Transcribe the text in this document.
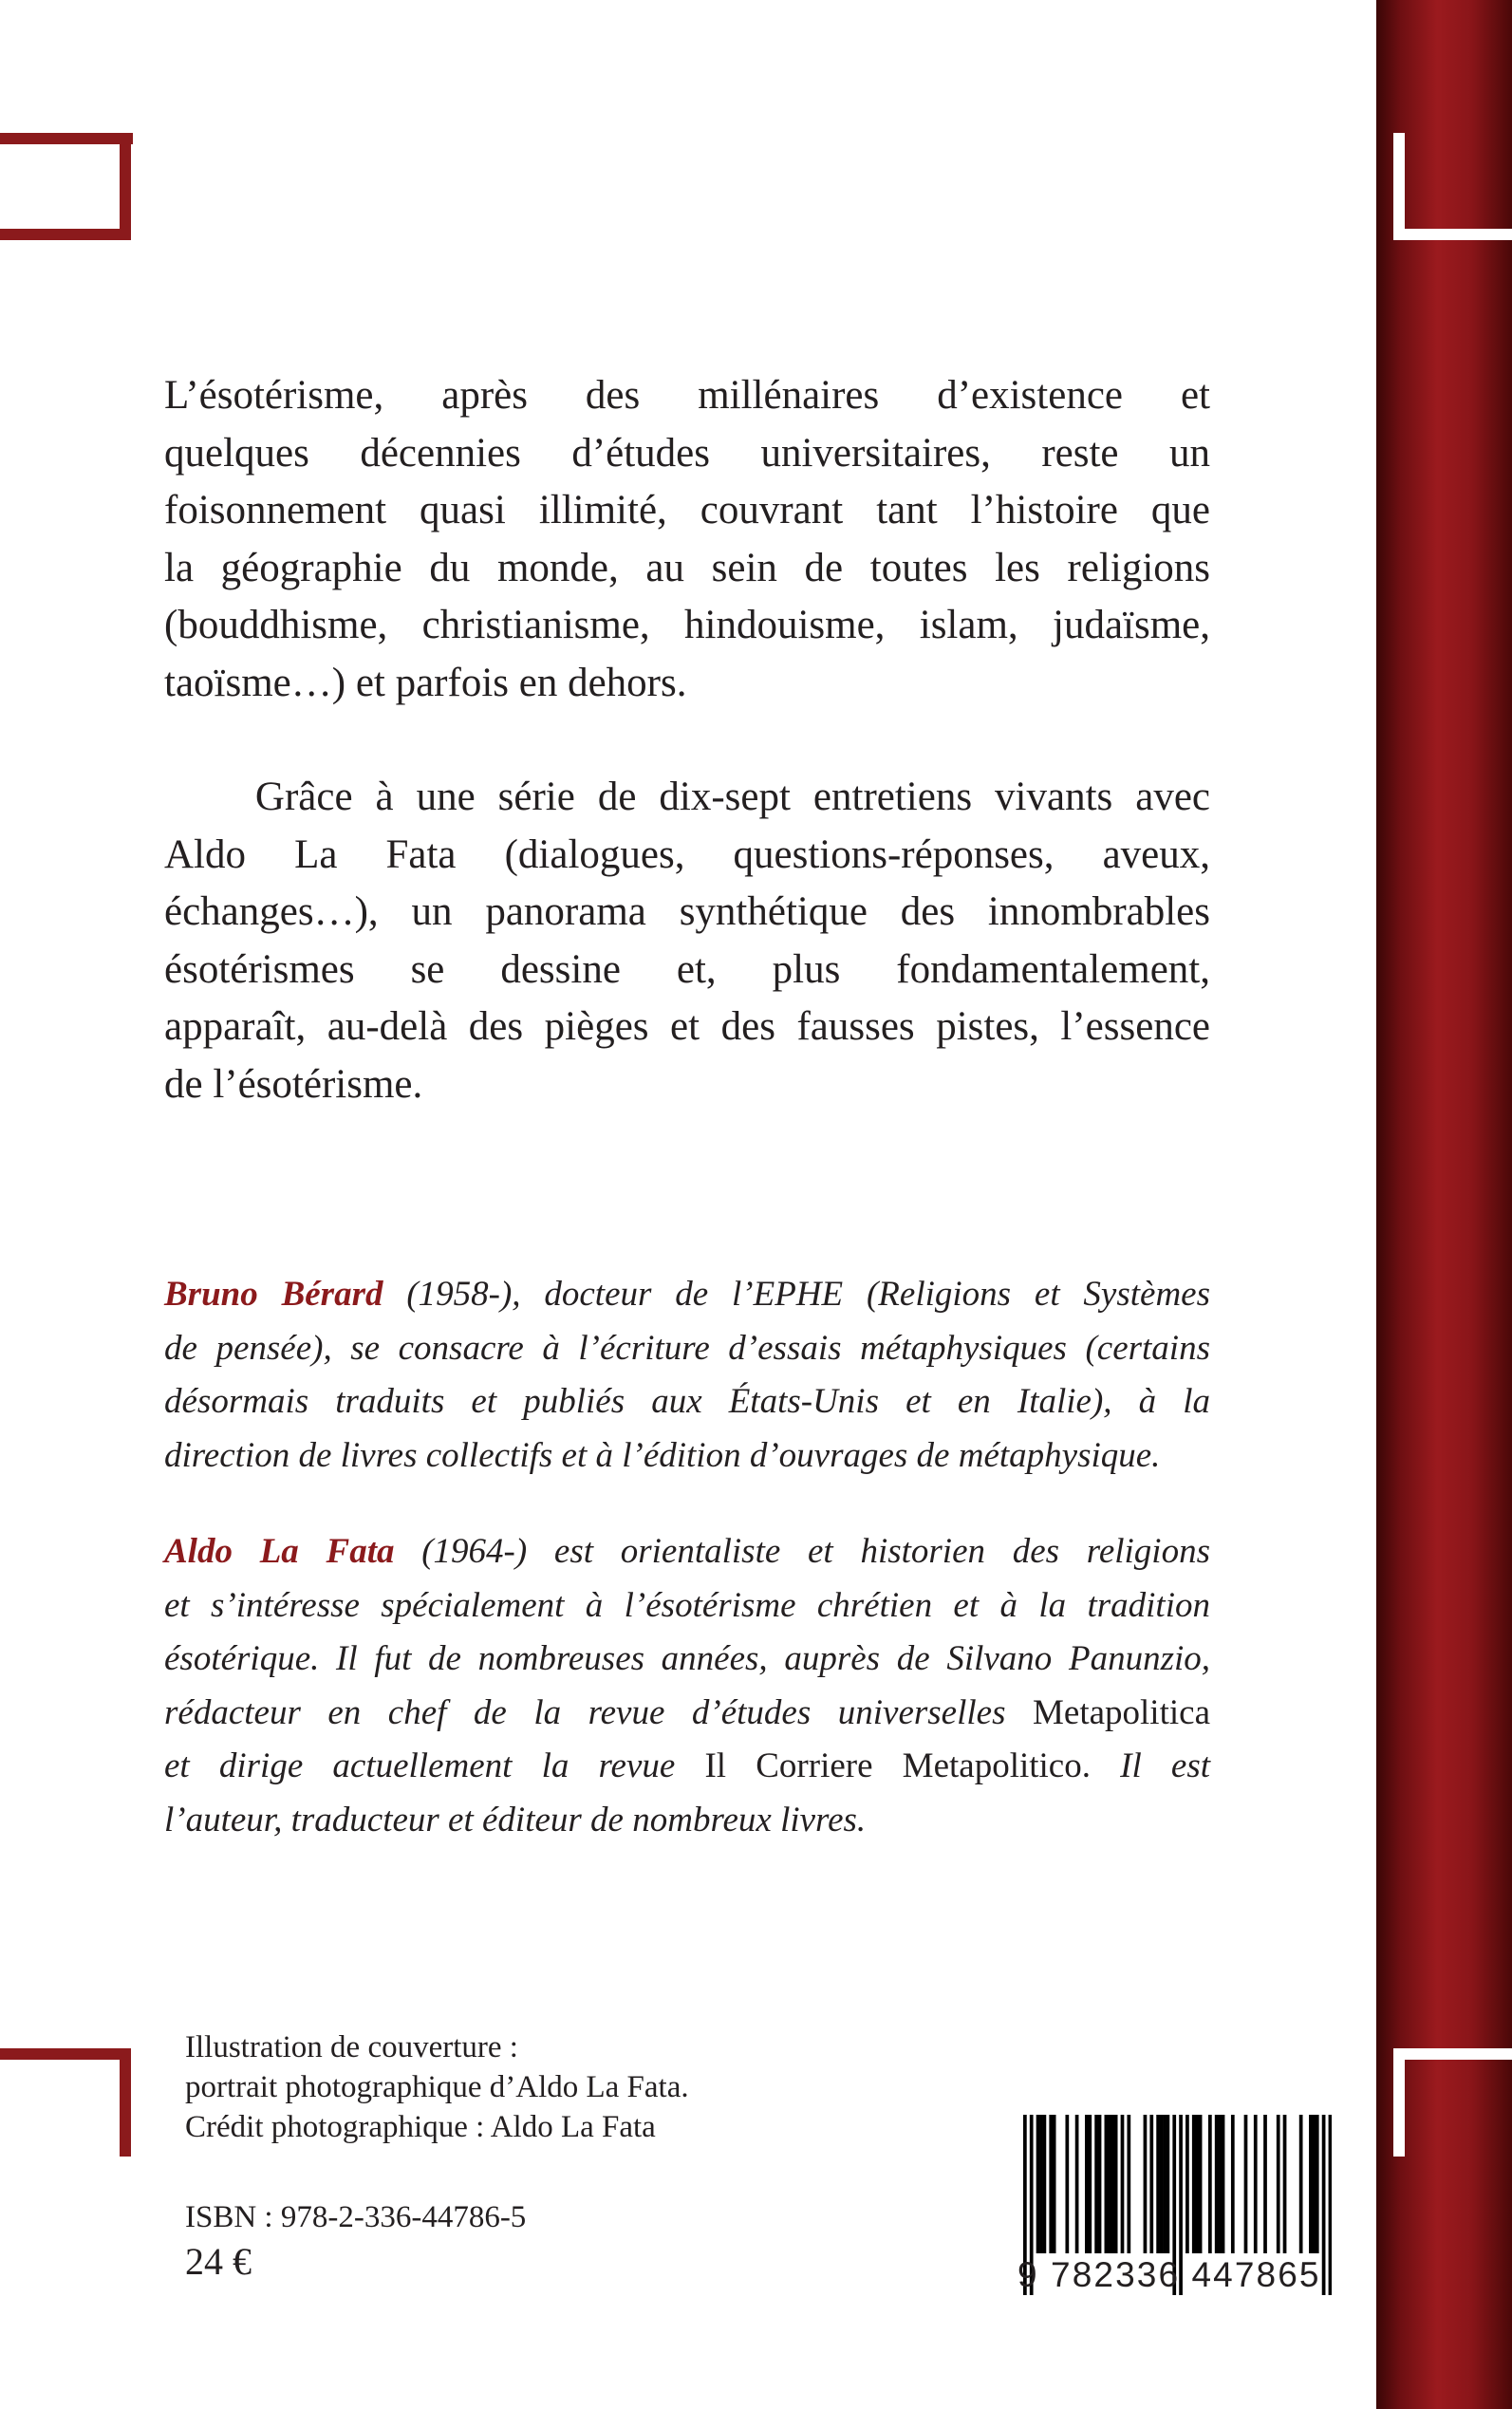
L’ésotérisme, après des millénaires d’existence et
quelques décennies d’études universitaires, reste un
foisonnement quasi illimité, couvrant tant l’histoire que
la géographie du monde, au sein de toutes les religions
(bouddhisme, christianisme, hindouisme, islam, judaïsme,
taoïsme…) et parfois en dehors.

Grâce à une série de dix-sept entretiens vivants avec
Aldo La Fata (dialogues, questions-réponses, aveux,
échanges…), un panorama synthétique des innombrables
ésotérismes se dessine et, plus fondamentalement,
apparaît, au-delà des pièges et des fausses pistes, l’essence
de l’ésotérisme.

Bruno Bérard (1958-), docteur de l’EPHE (Religions et Systèmes
de pensée), se consacre à l’écriture d’essais métaphysiques (certains
désormais traduits et publiés aux États-Unis et en Italie), à la
direction de livres collectifs et à l’édition d’ouvrages de métaphysique.

Aldo La Fata (1964-) est orientaliste et historien des religions
et s’intéresse spécialement à l’ésotérisme chrétien et à la tradition
ésotérique. Il fut de nombreuses années, auprès de Silvano Panunzio,
rédacteur en chef de la revue d’études universelles Metapolitica
et dirige actuellement la revue Il Corriere Metapolitico. Il est
l’auteur, traducteur et éditeur de nombreux livres.

Illustration de couverture :
portrait photographique d’Aldo La Fata.
Crédit photographique : Aldo La Fata
ISBN : 978-2-336-44786-5
24 €	9 782336 447865
